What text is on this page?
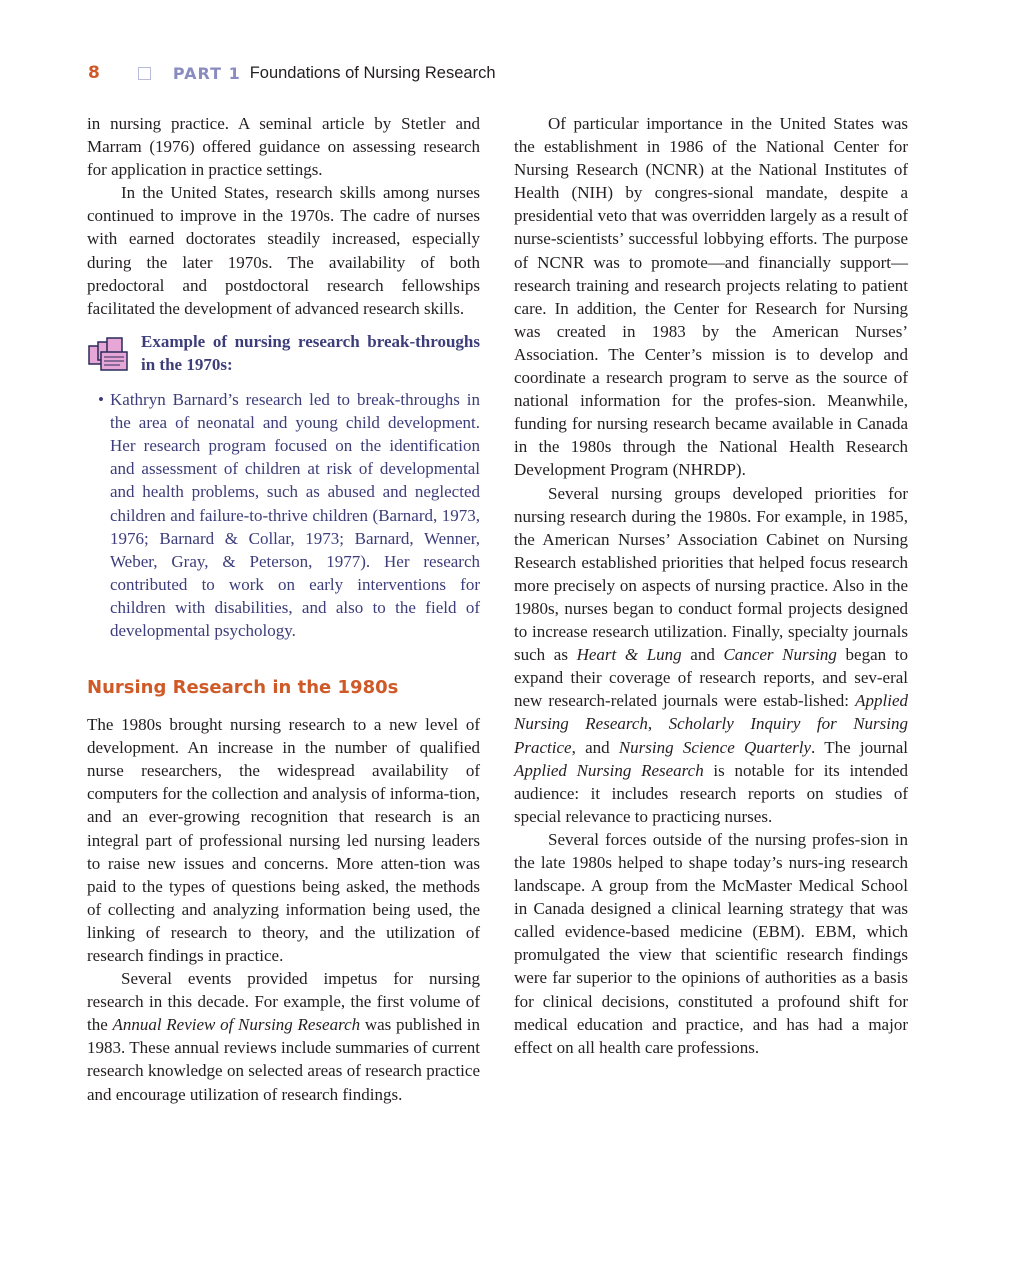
8	PART 1 Foundations of Nursing Research

in nursing practice. A seminal article by Stetler and Marram (1976) offered guidance on assessing research for application in practice settings.

In the United States, research skills among nurses continued to improve in the 1970s. The cadre of nurses with earned doctorates steadily increased, especially during the later 1970s. The availability of both predoctoral and postdoctoral research fellowships facilitated the development of advanced research skills.

Example of nursing research break-throughs in the 1970s:

• Kathryn Barnard’s research led to break-throughs in the area of neonatal and young child development. Her research program focused on the identification and assessment of children at risk of developmental and health problems, such as abused and neglected children and failure-to-thrive children (Barnard, 1973, 1976; Barnard & Collar, 1973; Barnard, Wenner, Weber, Gray, & Peterson, 1977). Her research contributed to work on early interventions for children with disabilities, and also to the field of developmental psychology.
Nursing Research in the 1980s

The 1980s brought nursing research to a new level of development. An increase in the number of qualified nurse researchers, the widespread availability of computers for the collection and analysis of informa-tion, and an ever-growing recognition that research is an integral part of professional nursing led nursing leaders to raise new issues and concerns. More atten-tion was paid to the types of questions being asked, the methods of collecting and analyzing information being used, the linking of research to theory, and the utilization of research findings in practice.

Several events provided impetus for nursing research in this decade. For example, the first volume of the Annual Review of Nursing Research was published in 1983. These annual reviews include summaries of current research knowledge on selected areas of research practice and encourage utilization of research findings.

Of particular importance in the United States was the establishment in 1986 of the National Center for Nursing Research (NCNR) at the National Institutes of Health (NIH) by congres-sional mandate, despite a presidential veto that was overridden largely as a result of nurse-scientists’ successful lobbying efforts. The purpose of NCNR was to promote—and financially support—research training and research projects relating to patient care. In addition, the Center for Research for Nursing was created in 1983 by the American Nurses’ Association. The Center’s mission is to develop and coordinate a research program to serve as the source of national information for the profes-sion. Meanwhile, funding for nursing research became available in Canada in the 1980s through the National Health Research Development Program (NHRDP).

Several nursing groups developed priorities for nursing research during the 1980s. For example, in 1985, the American Nurses’ Association Cabinet on Nursing Research established priorities that helped focus research more precisely on aspects of nursing practice. Also in the 1980s, nurses began to conduct formal projects designed to increase research utilization. Finally, specialty journals such as Heart & Lung and Cancer Nursing began to expand their coverage of research reports, and sev-eral new research-related journals were estab-lished: Applied Nursing Research, Scholarly Inquiry for Nursing Practice, and Nursing Science Quarterly. The journal Applied Nursing Research is notable for its intended audience: it includes research reports on studies of special relevance to practicing nurses.

Several forces outside of the nursing profes-sion in the late 1980s helped to shape today’s nurs-ing research landscape. A group from the McMaster Medical School in Canada designed a clinical learning strategy that was called evidence-based medicine (EBM). EBM, which promulgated the view that scientific research findings were far superior to the opinions of authorities as a basis for clinical decisions, constituted a profound shift for medical education and practice, and has had a major effect on all health care professions.
